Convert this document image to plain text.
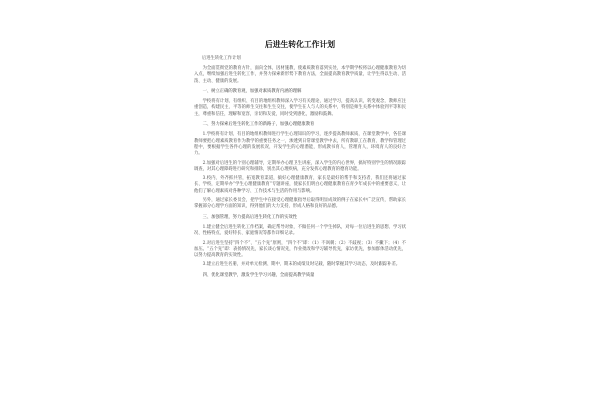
后进生转化工作计划
后进生转化工作计划

为全面贯彻党的教育方针，面向全体，因材施教，使素质教育落到实处，本学期学校将以心理健康教育为切入点，继续加强后进生转化工作，并努力探索新形势下教育方法，全面提高教育教学质量，让学生得以生动、活泼、主动、健康的发展。

一、树立正确的教育观，加强对素质教育内涵的理解

学校将有计划、有组织、有目的地组织教师深入学习有关理论，通过学习，提高认识，转变观念，教师应注重创造，构建民主、平等的师生交往和生生交往，使学生在人与人的关系中，特别是师生关系中体验到平等和民主，尊重和信任，理解和宽容，亲切和友爱，同时受到感化，激励和鼓舞。

二、努力探索后进生转化工作的新路子，加强心理健康教育

1.学校将有计划、有目的地组织教师进行学生心理知识的学习，逐步提高教师素质，在课堂教学中，各任课教师要把心理素质教育作为教学的重要任务之一，渗透到日常课堂教学中去，所有教职工在教育、教学和管理过程中，要根据学生各件心理的发展状况，开发学生的心理潜能，形成教书育人，管理育人，环境育人的良好合力。

2.加强对后进生的个别心理辅导，定期举办心理卫生讲座，深入学生的内心世界，搞好特别学生的情况跟踪调查，对其心理障碍进行研究和排除，别出其心理疾病，充分发挥心理教育的德育功能。

3.校内、外齐抓共管，拓宽教育渠道，搞好心理健康教育，家长是最好的帮手和支持者，我们还将通过家长、学校，定期举办“学生心理健康教育”专题讲座，使家长们明白心理健康教育在青少年成长中的重要意义，让他们了解心理素质对各种学习、工作技术与生活的作用与影响。

另外，通过家长委员会，把学生中在接受心理健康指导后取得明显成效的例子在家长中广泛宣传，帮助家长掌握部分心理学方面的知识，得到他们的大力支持，形成人格和良好的品德。

三、加强管理，努力提高后进生转化工作的实效性

1.建立健全后进生转化工作档案，确定帮导对象，不做任何一个学生掉队，对每一位后进生的思想、学习状况、性格特点、爱好特长、家庭情况等都作详细记录。

2.对后进生坚持“四个不”、“五个先”原则，“四个不”即：（1）不讽刺；（2）不歧视；（3）不撇下；（4）不加压。“五个先”即：表扬情况先，家长谈心情况先，作业批改和学习辅导优先，家访优先，参加群体活动优先，以努力提高教育的实效性。

3.建立后进生名册，并对单元检测、期中、期末的成绩及时记载，随时掌握其学习动态，及时跟踪补差。

四、优化课堂教学，激发学生学习兴趣，全面提高教学质量
